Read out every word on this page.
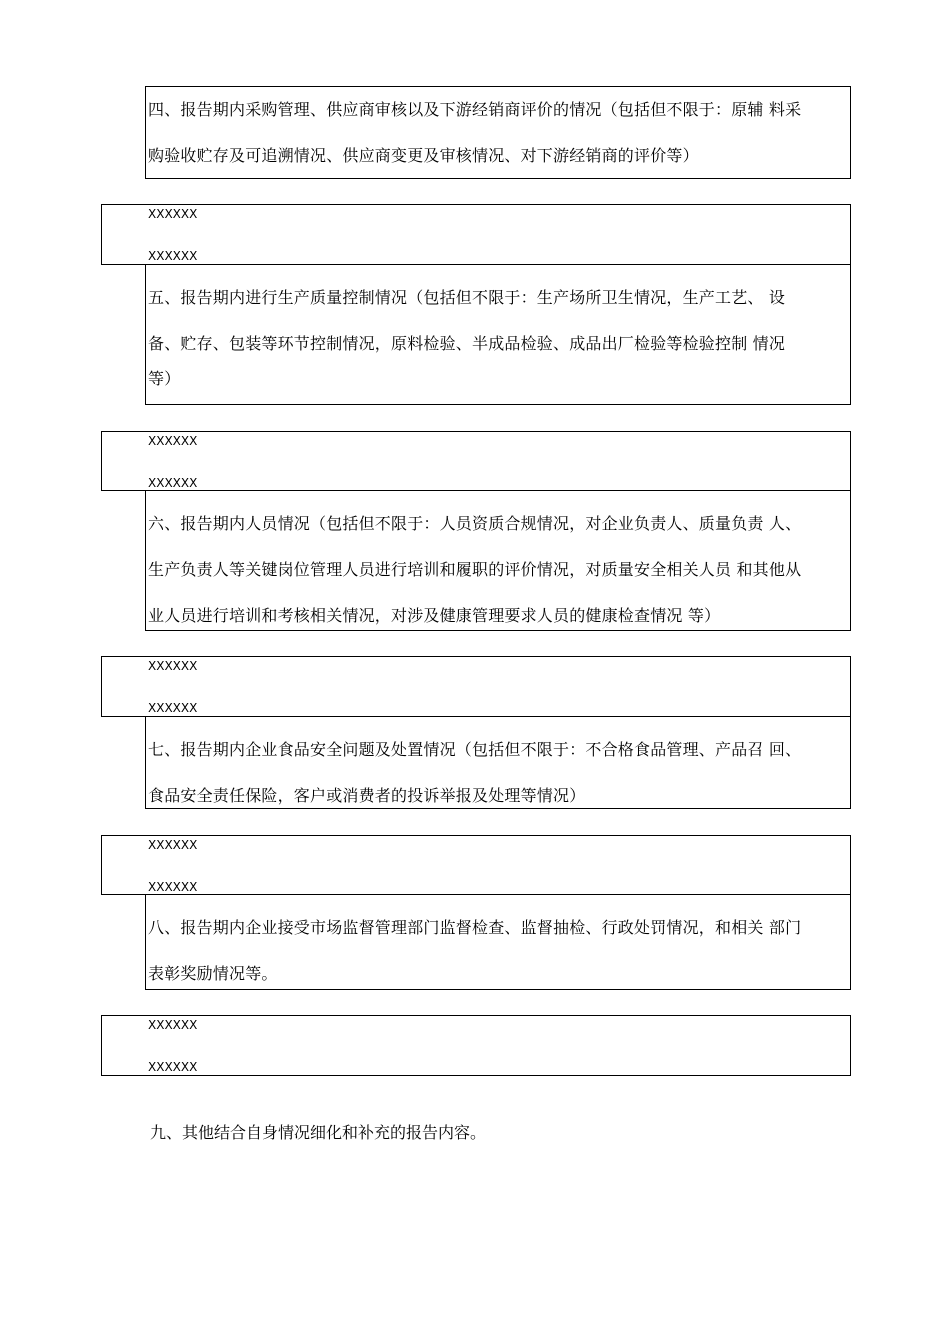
四、报告期内采购管理、供应商审核以及下游经销商评价的情况（包括但不限于：原辅 料采

购验收贮存及可追溯情况、供应商变更及审核情况、对下游经销商的评价等）

XXXXXX
XXXXXX

五、报告期内进行生产质量控制情况（包括但不限于：生产场所卫生情况，生产工艺、 设

备、贮存、包装等环节控制情况，原料检验、半成品检验、成品出厂检验等检验控制 情况

等）

XXXXXX
XXXXXX

六、报告期内人员情况（包括但不限于：人员资质合规情况，对企业负责人、质量负责 人、

生产负责人等关键岗位管理人员进行培训和履职的评价情况，对质量安全相关人员 和其他从

业人员进行培训和考核相关情况，对涉及健康管理要求人员的健康检查情况 等）

XXXXXX
XXXXXX

七、报告期内企业食品安全问题及处置情况（包括但不限于：不合格食品管理、产品召 回、

食品安全责任保险，客户或消费者的投诉举报及处理等情况）

XXXXXX
XXXXXX

八、报告期内企业接受市场监督管理部门监督检查、监督抽检、行政处罚情况，和相关 部门

表彰奖励情况等。

XXXXXX
XXXXXX
九、其他结合自身情况细化和补充的报告内容。
